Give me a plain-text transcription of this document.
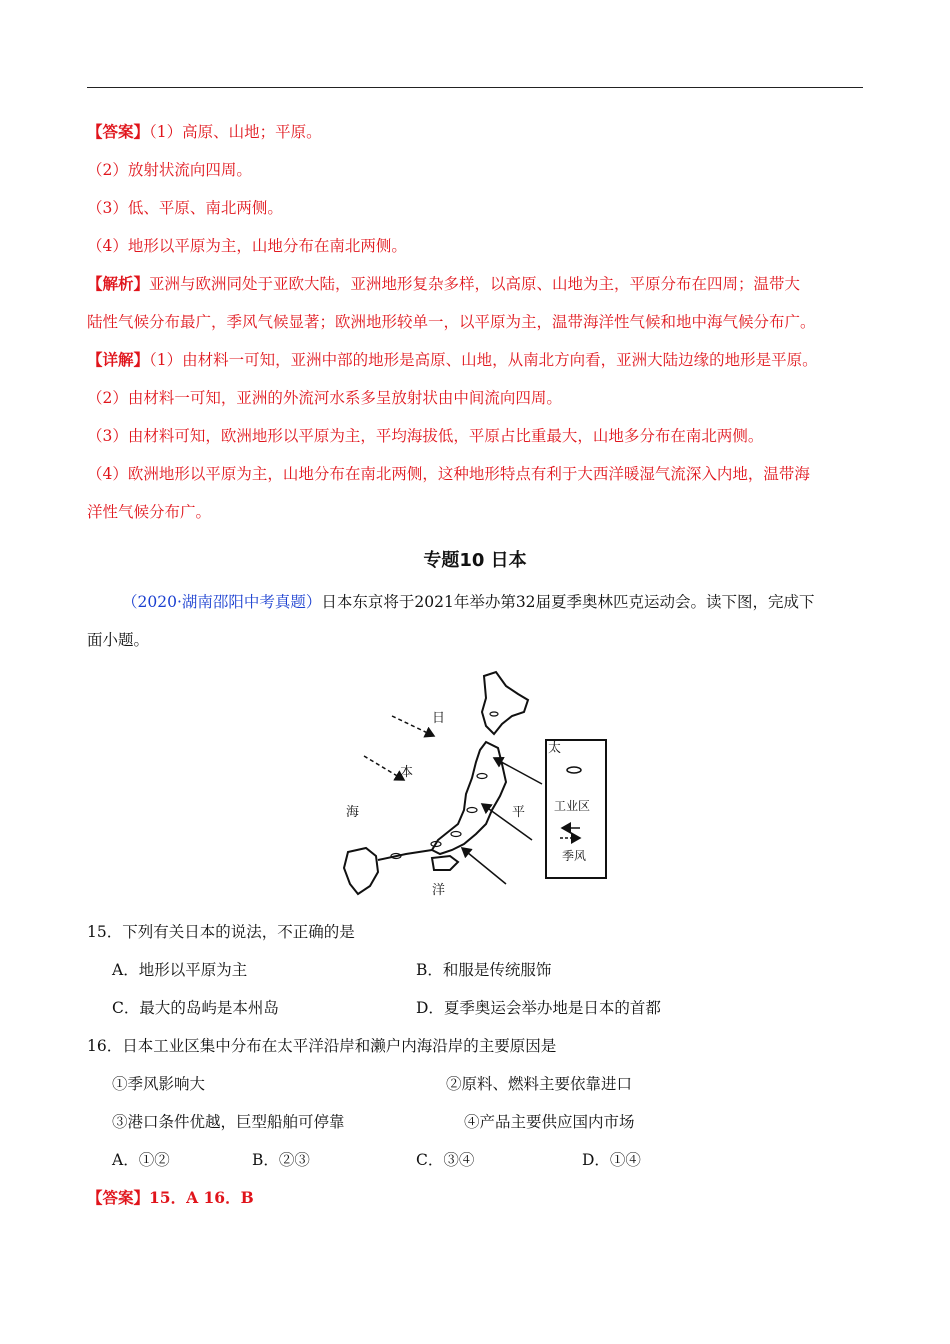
【答案】（1）高原、山地；平原。
（2）放射状流向四周。
（3）低、平原、南北两侧。
（4）地形以平原为主，山地分布在南北两侧。
【解析】亚洲与欧洲同处于亚欧大陆，亚洲地形复杂多样，以高原、山地为主，平原分布在四周；温带大
陆性气候分布最广，季风气候显著；欧洲地形较单一，以平原为主，温带海洋性气候和地中海气候分布广。
【详解】（1）由材料一可知，亚洲中部的地形是高原、山地，从南北方向看，亚洲大陆边缘的地形是平原。
（2）由材料一可知，亚洲的外流河水系多呈放射状由中间流向四周。
（3）由材料可知，欧洲地形以平原为主，平均海拔低，平原占比重最大，山地多分布在南北两侧。
（4）欧洲地形以平原为主，山地分布在南北两侧，这种地形特点有利于大西洋暖湿气流深入内地，温带海
洋性气候分布广。
专题10 日本
（2020·湖南邵阳中考真题）日本东京将于2021年举办第32届夏季奥林匹克运动会。读下图，完成下
面小题。
日
本
海
太
平
洋
工业区
季风
15．下列有关日本的说法，不正确的是
A．地形以平原为主	B．和服是传统服饰
C．最大的岛屿是本州岛	D．夏季奥运会举办地是日本的首都
16．日本工业区集中分布在太平洋沿岸和濑户内海沿岸的主要原因是
①季风影响大	②原料、燃料主要依靠进口
③港口条件优越，巨型船舶可停靠	④产品主要供应国内市场
A．①②	B．②③	C．③④	D．①④
【答案】15．A 16．B
